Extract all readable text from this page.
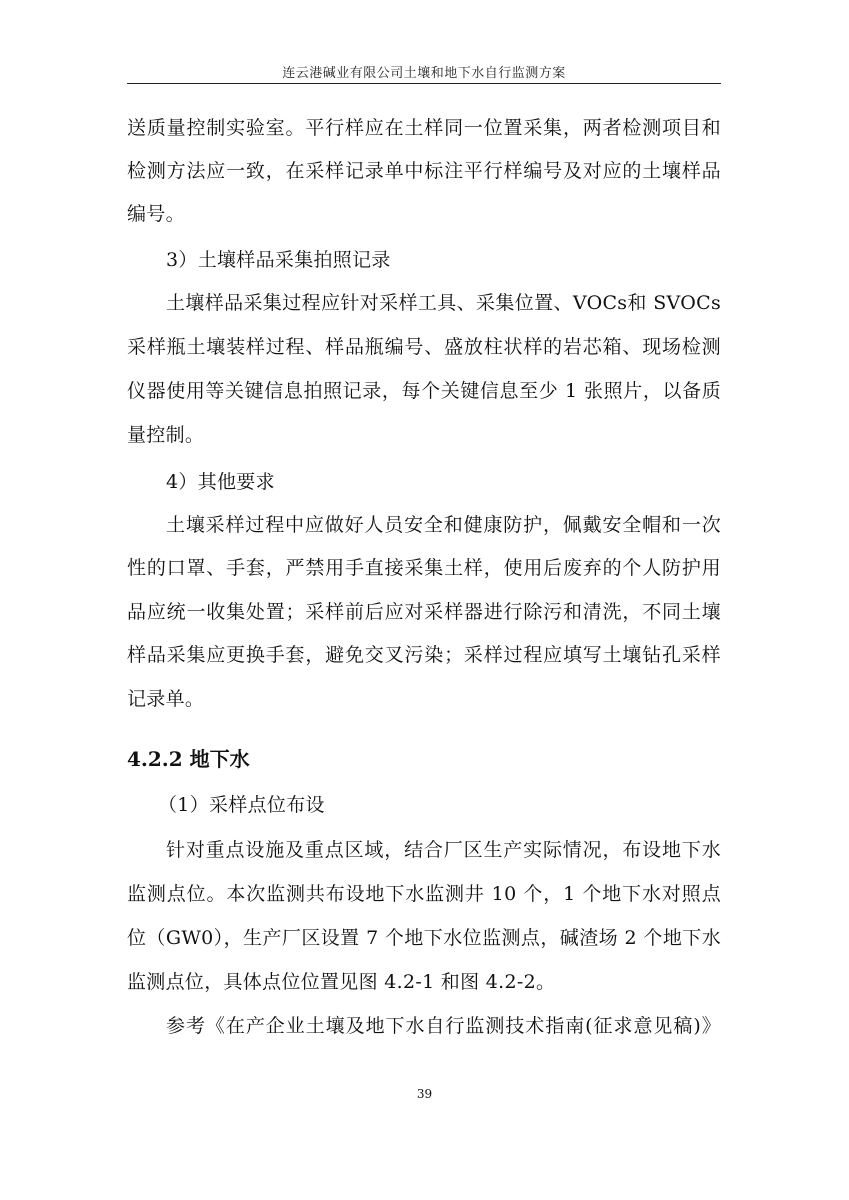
连云港碱业有限公司土壤和地下水自行监测方案
送质量控制实验室。平行样应在土样同一位置采集，两者检测项目和
检测方法应一致，在采样记录单中标注平行样编号及对应的土壤样品
编号。
3）土壤样品采集拍照记录
土壤样品采集过程应针对采样工具、采集位置、VOCs和 SVOCs
采样瓶土壤装样过程、样品瓶编号、盛放柱状样的岩芯箱、现场检测
仪器使用等关键信息拍照记录，每个关键信息至少 1 张照片，以备质
量控制。
4）其他要求
土壤采样过程中应做好人员安全和健康防护，佩戴安全帽和一次
性的口罩、手套，严禁用手直接采集土样，使用后废弃的个人防护用
品应统一收集处置；采样前后应对采样器进行除污和清洗，不同土壤
样品采集应更换手套，避免交叉污染；采样过程应填写土壤钻孔采样
记录单。
4.2.2 地下水
（1）采样点位布设
针对重点设施及重点区域，结合厂区生产实际情况，布设地下水
监测点位。本次监测共布设地下水监测井 10 个，1 个地下水对照点
位（GW0），生产厂区设置 7 个地下水位监测点，碱渣场 2 个地下水
监测点位，具体点位位置见图 4.2-1 和图 4.2-2。
参考《在产企业土壤及地下水自行监测技术指南(征求意见稿)》
39
